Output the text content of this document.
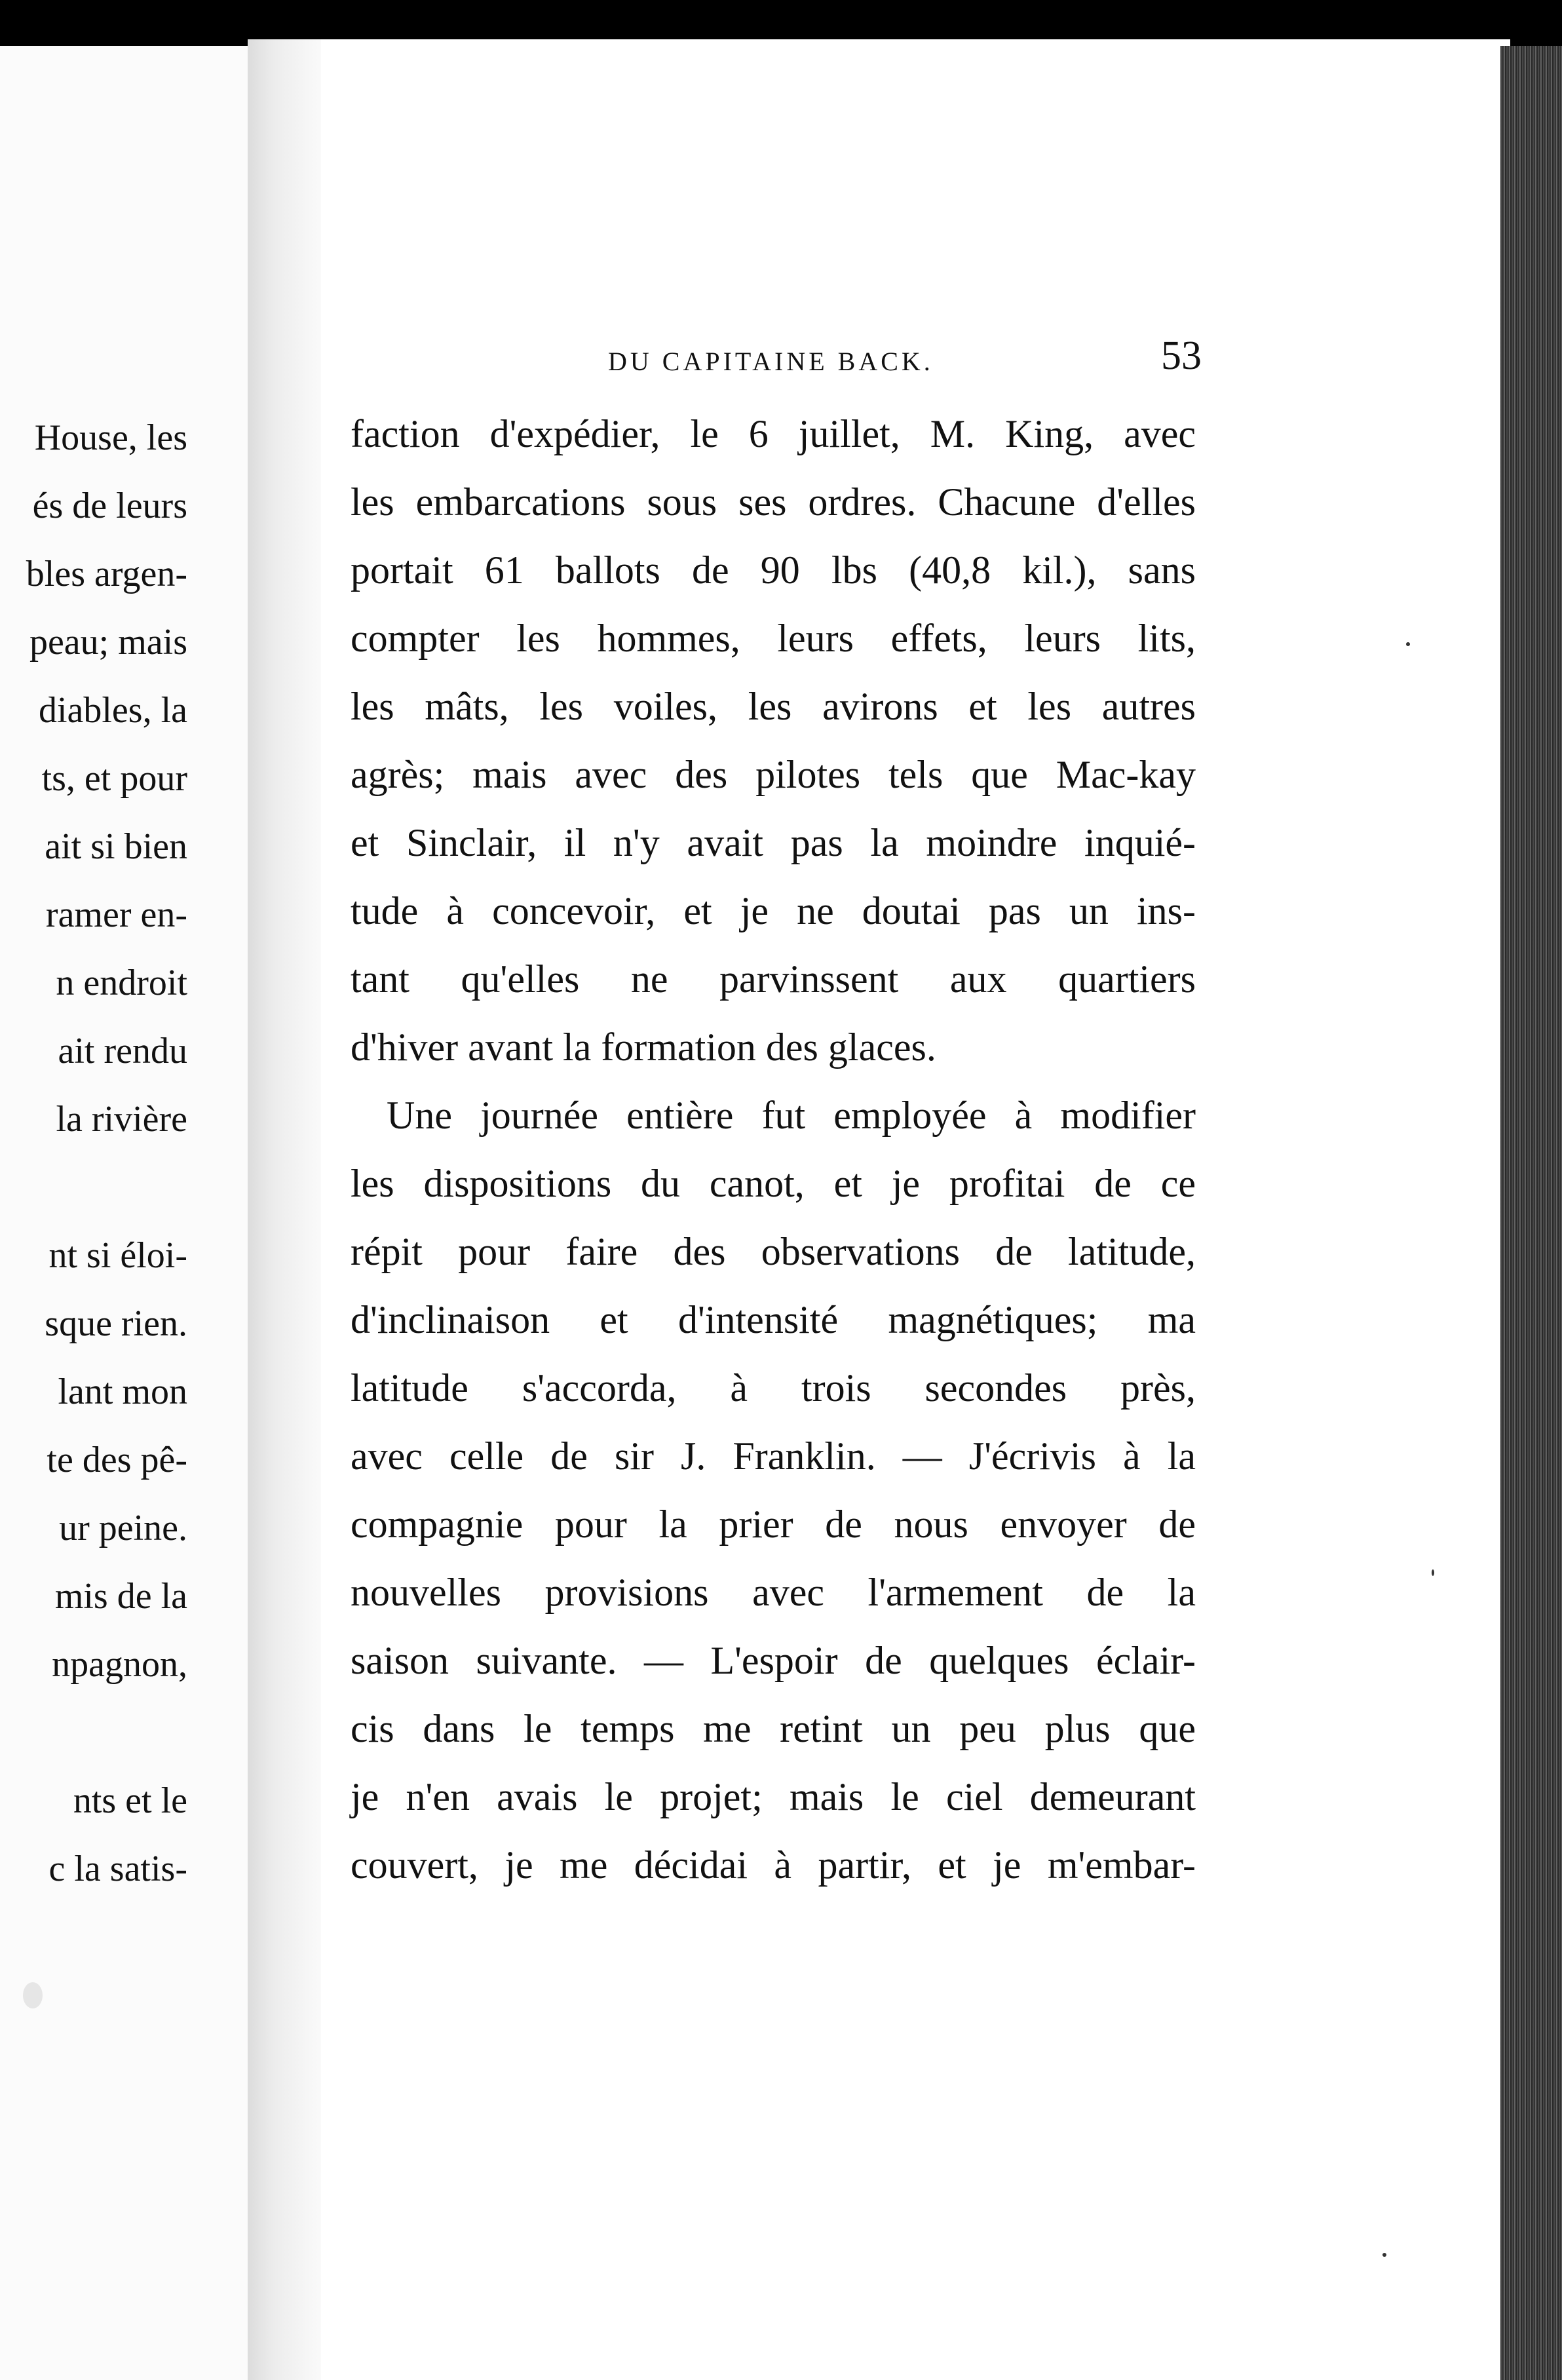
House, les
és de leurs
bles argen-
peau; mais
diables, la
ts, et pour
ait si bien
ramer en-
n endroit
ait rendu
la rivière
nt si éloi-
sque rien.
lant mon
te des pê-
ur peine.
mis de la
npagnon,
nts et le
c la satis-
DU CAPITAINE BACK.	53
faction d'expédier, le 6 juillet, M. King, avec
les embarcations sous ses ordres. Chacune d'elles
portait 61 ballots de 90 lbs (40,8 kil.), sans
compter les hommes, leurs effets, leurs lits,
les mâts, les voiles, les avirons et les autres
agrès; mais avec des pilotes tels que Mac-kay
et Sinclair, il n'y avait pas la moindre inquié-
tude à concevoir, et je ne doutai pas un ins-
tant qu'elles ne parvinssent aux quartiers
d'hiver avant la formation des glaces.
Une journée entière fut employée à modifier
les dispositions du canot, et je profitai de ce
répit pour faire des observations de latitude,
d'inclinaison et d'intensité magnétiques; ma
latitude s'accorda, à trois secondes près,
avec celle de sir J. Franklin. — J'écrivis à la
compagnie pour la prier de nous envoyer de
nouvelles provisions avec l'armement de la
saison suivante. — L'espoir de quelques éclair-
cis dans le temps me retint un peu plus que
je n'en avais le projet; mais le ciel demeurant
couvert, je me décidai à partir, et je m'embar-
